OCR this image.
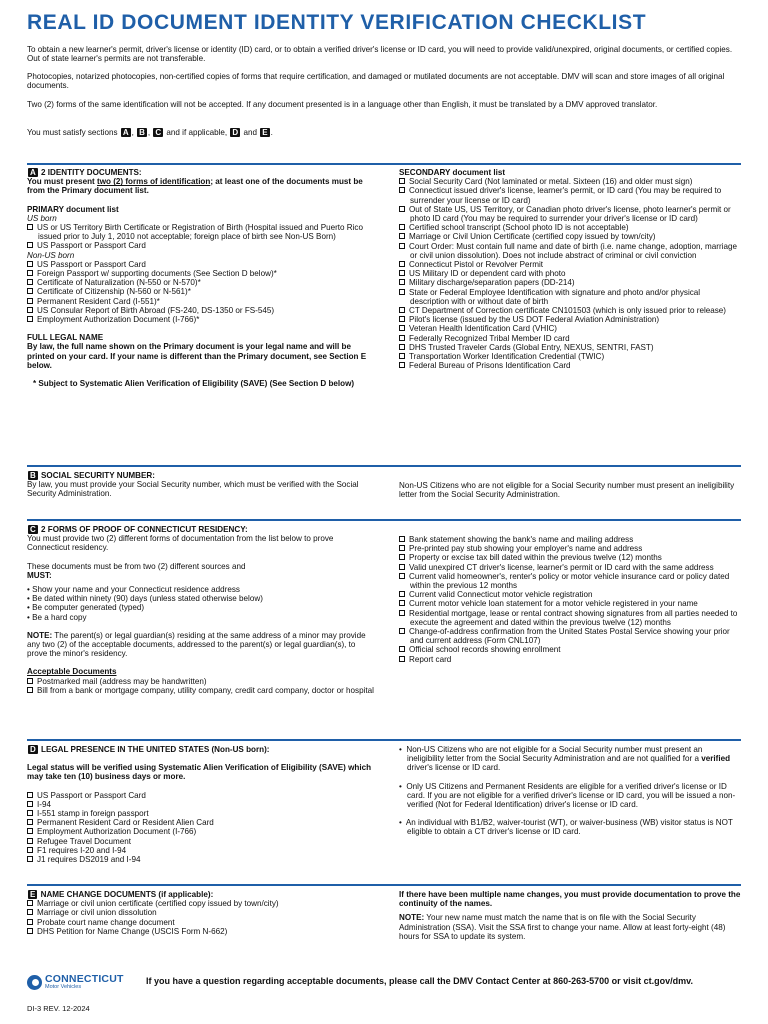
REAL ID DOCUMENT IDENTITY VERIFICATION CHECKLIST

To obtain a new learner's permit, driver's license or identity (ID) card, or to obtain a verified driver's license or ID card, you will need to provide valid/unexpired, original documents, or certified copies. Out of state learner's permits are not transferable.

Photocopies, notarized photocopies, non-certified copies of forms that require certification, and damaged or mutilated documents are not acceptable. DMV will scan and store images of all original documents.

Two (2) forms of the same identification will not be accepted. If any document presented is in a language other than English, it must be translated by a DMV approved translator.

You must satisfy sections A , B , C and if applicable, D and E .

A 2 IDENTITY DOCUMENTS:

You must present two (2) forms of identification; at least one of the documents must be from the Primary document list.

PRIMARY document list

US born

US or US Territory Birth Certificate or Registration of Birth (Hospital issued and Puerto Rico issued prior to July 1, 2010 not acceptable; foreign place of birth see Non-US Born)

US Passport or Passport Card

Non-US born

US Passport or Passport Card

Foreign Passport w/ supporting documents (See Section D below)*

Certificate of Naturalization (N-550 or N-570)*

Certificate of Citizenship (N-560 or N-561)*

Permanent Resident Card (I-551)*

US Consular Report of Birth Abroad (FS-240, DS-1350 or FS-545)

Employment Authorization Document (I-766)*

FULL LEGAL NAME

By law, the full name shown on the Primary document is your legal name and will be printed on your card. If your name is different than the Primary document, see Section E below.

* Subject to Systematic Alien Verification of Eligibility (SAVE) (See Section D below)

SECONDARY document list

Social Security Card (Not laminated or metal. Sixteen (16) and older must sign)

Connecticut issued driver's license, learner's permit, or ID card (You may be required to surrender your license or ID card)

Out of State US, US Territory, or Canadian photo driver's license, photo learner's permit or photo ID card (You may be required to surrender your driver's license or ID card)

Certified school transcript (School photo ID is not acceptable)

Marriage or Civil Union Certificate (certified copy issued by town/city)

Court Order: Must contain full name and date of birth (i.e. name change, adoption, marriage or civil union dissolution). Does not include abstract of criminal or civil conviction

Connecticut Pistol or Revolver Permit

US Military ID or dependent card with photo

Military discharge/separation papers (DD-214)

State or Federal Employee Identification with signature and photo and/or physical description with or without date of birth

CT Department of Correction certificate CN101503 (which is only issued prior to release)

Pilot's license (issued by the US DOT Federal Aviation Administration)

Veteran Health Identification Card (VHIC)

Federally Recognized Tribal Member ID card

DHS Trusted Traveler Cards (Global Entry, NEXUS, SENTRI, FAST)

Transportation Worker Identification Credential (TWIC)

Federal Bureau of Prisons Identification Card

B SOCIAL SECURITY NUMBER:

By law, you must provide your Social Security number, which must be verified with the Social Security Administration.

Non-US Citizens who are not eligible for a Social Security number must present an ineligibility letter from the Social Security Administration.

C 2 FORMS OF PROOF OF CONNECTICUT RESIDENCY:

You must provide two (2) different forms of documentation from the list below to prove Connecticut residency.

These documents must be from two (2) different sources and
MUST:

• Show your name and your Connecticut residence address

• Be dated within ninety (90) days (unless stated otherwise below)

• Be computer generated (typed)

• Be a hard copy

NOTE: The parent(s) or legal guardian(s) residing at the same address of a minor may provide any two (2) of the acceptable documents, addressed to the parent(s) or legal guardian(s), to prove the minor's residency.

Acceptable Documents

Postmarked mail (address may be handwritten)

Bill from a bank or mortgage company, utility company, credit card company, doctor or hospital

Bank statement showing the bank's name and mailing address

Pre-printed pay stub showing your employer's name and address

Property or excise tax bill dated within the previous twelve (12) months

Valid unexpired CT driver's license, learner's permit or ID card with the same address

Current valid homeowner's, renter's policy or motor vehicle insurance card or policy dated within the previous 12 months

Current valid Connecticut motor vehicle registration

Current motor vehicle loan statement for a motor vehicle registered in your name

Residential mortgage, lease or rental contract showing signatures from all parties needed to execute the agreement and dated within the previous twelve (12) months

Change-of-address confirmation from the United States Postal Service showing your prior and current address (Form CNL107)

Official school records showing enrollment

Report card

D LEGAL PRESENCE IN THE UNITED STATES (Non-US born):

Legal status will be verified using Systematic Alien Verification of Eligibility (SAVE) which may take ten (10) business days or more.

US Passport or Passport Card

I-94

I-551 stamp in foreign passport

Permanent Resident Card or Resident Alien Card

Employment Authorization Document (I-766)

Refugee Travel Document

F1 requires I-20 and I-94

J1 requires DS2019 and I-94

•  Non-US Citizens who are not eligible for a Social Security number must present an ineligibility letter from the Social Security Administration and are not qualified for a verified driver's license or ID card.

•  Only US Citizens and Permanent Residents are eligible for a verified driver's license or ID card. If you are not eligible for a verified driver's license or ID card, you will be issued a non-verified (Not for Federal Identification) driver's license or ID card.

•  An individual with B1/B2, waiver-tourist (WT), or waiver-business (WB) visitor status is NOT eligible to obtain a CT driver's license or ID card.

E NAME CHANGE DOCUMENTS (if applicable):

Marriage or civil union certificate (certified copy issued by town/city)

Marriage or civil union dissolution

Probate court name change document

DHS Petition for Name Change (USCIS Form N-662)

If there have been multiple name changes, you must provide documentation to prove the continuity of the names.

NOTE: Your new name must match the name that is on file with the Social Security Administration (SSA). Visit the SSA first to change your name. Allow at least forty-eight (48) hours for SSA to update its system.

CONNECTICUT
Motor Vehicles

If you have a question regarding acceptable documents, please call the DMV Contact Center at 860-263-5700 or visit ct.gov/dmv.

DI-3 REV. 12-2024
